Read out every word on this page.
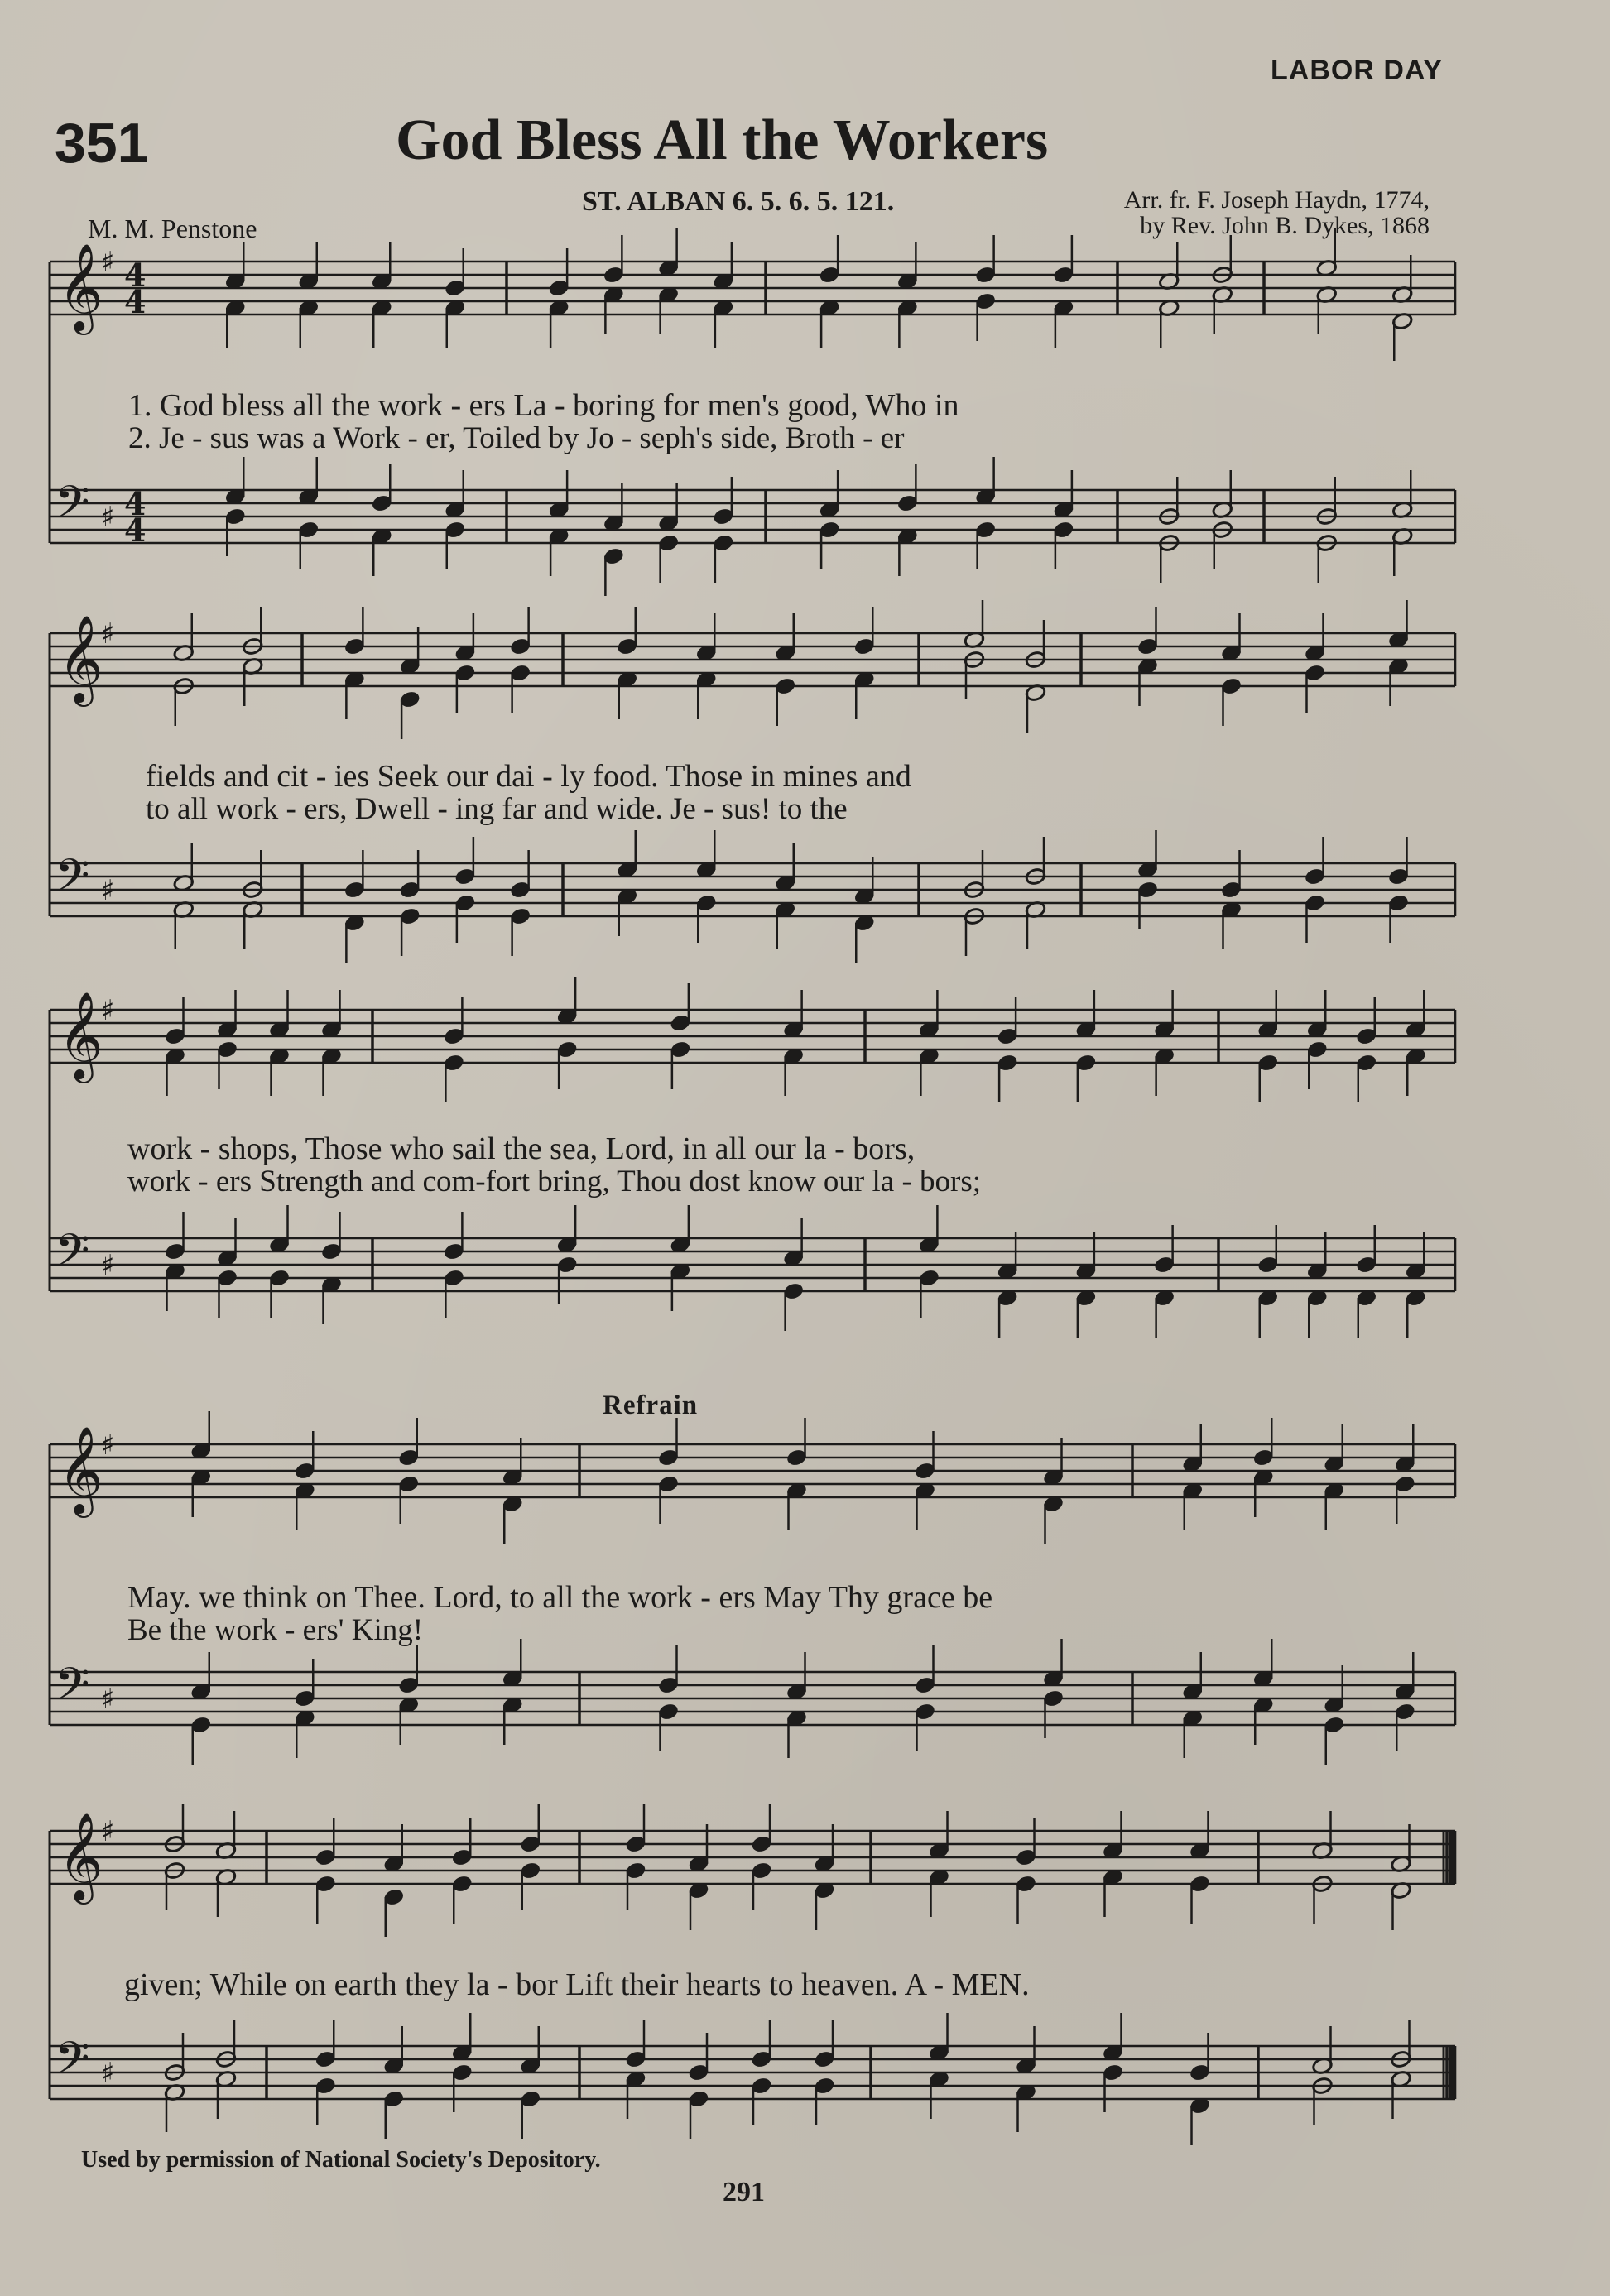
LABOR DAY
351	God Bless All the Workers
ST. ALBAN 6. 5. 6. 5. 121.
M. M. Penstone
Arr. fr. F. Joseph Haydn, 1774,
by Rev. John B. Dykes, 1868
𝄞
𝄢
♯
♯
4
4
4
4
𝄞
𝄢
♯
♯
𝄞
𝄢
♯
♯
𝄞
𝄢
♯
♯
𝄞
𝄢
♯
♯
1. God bless all the work - ers La - boring for men's good, Who in
2. Je - sus was a Work - er, Toiled by Jo - seph's side, Broth - er
fields and cit - ies Seek our dai - ly food. Those in mines and
to all work - ers, Dwell - ing far and wide. Je - sus! to the
work - shops, Those who sail the sea, Lord, in all our la - bors,
work - ers Strength and com-fort bring, Thou dost know our la - bors;
Refrain
May. we think on Thee. Lord, to all the work - ers May Thy grace be
Be the work - ers' King!
given; While on earth they la - bor Lift their hearts to heaven. A - MEN.
Used by permission of National Society's Depository.
291
